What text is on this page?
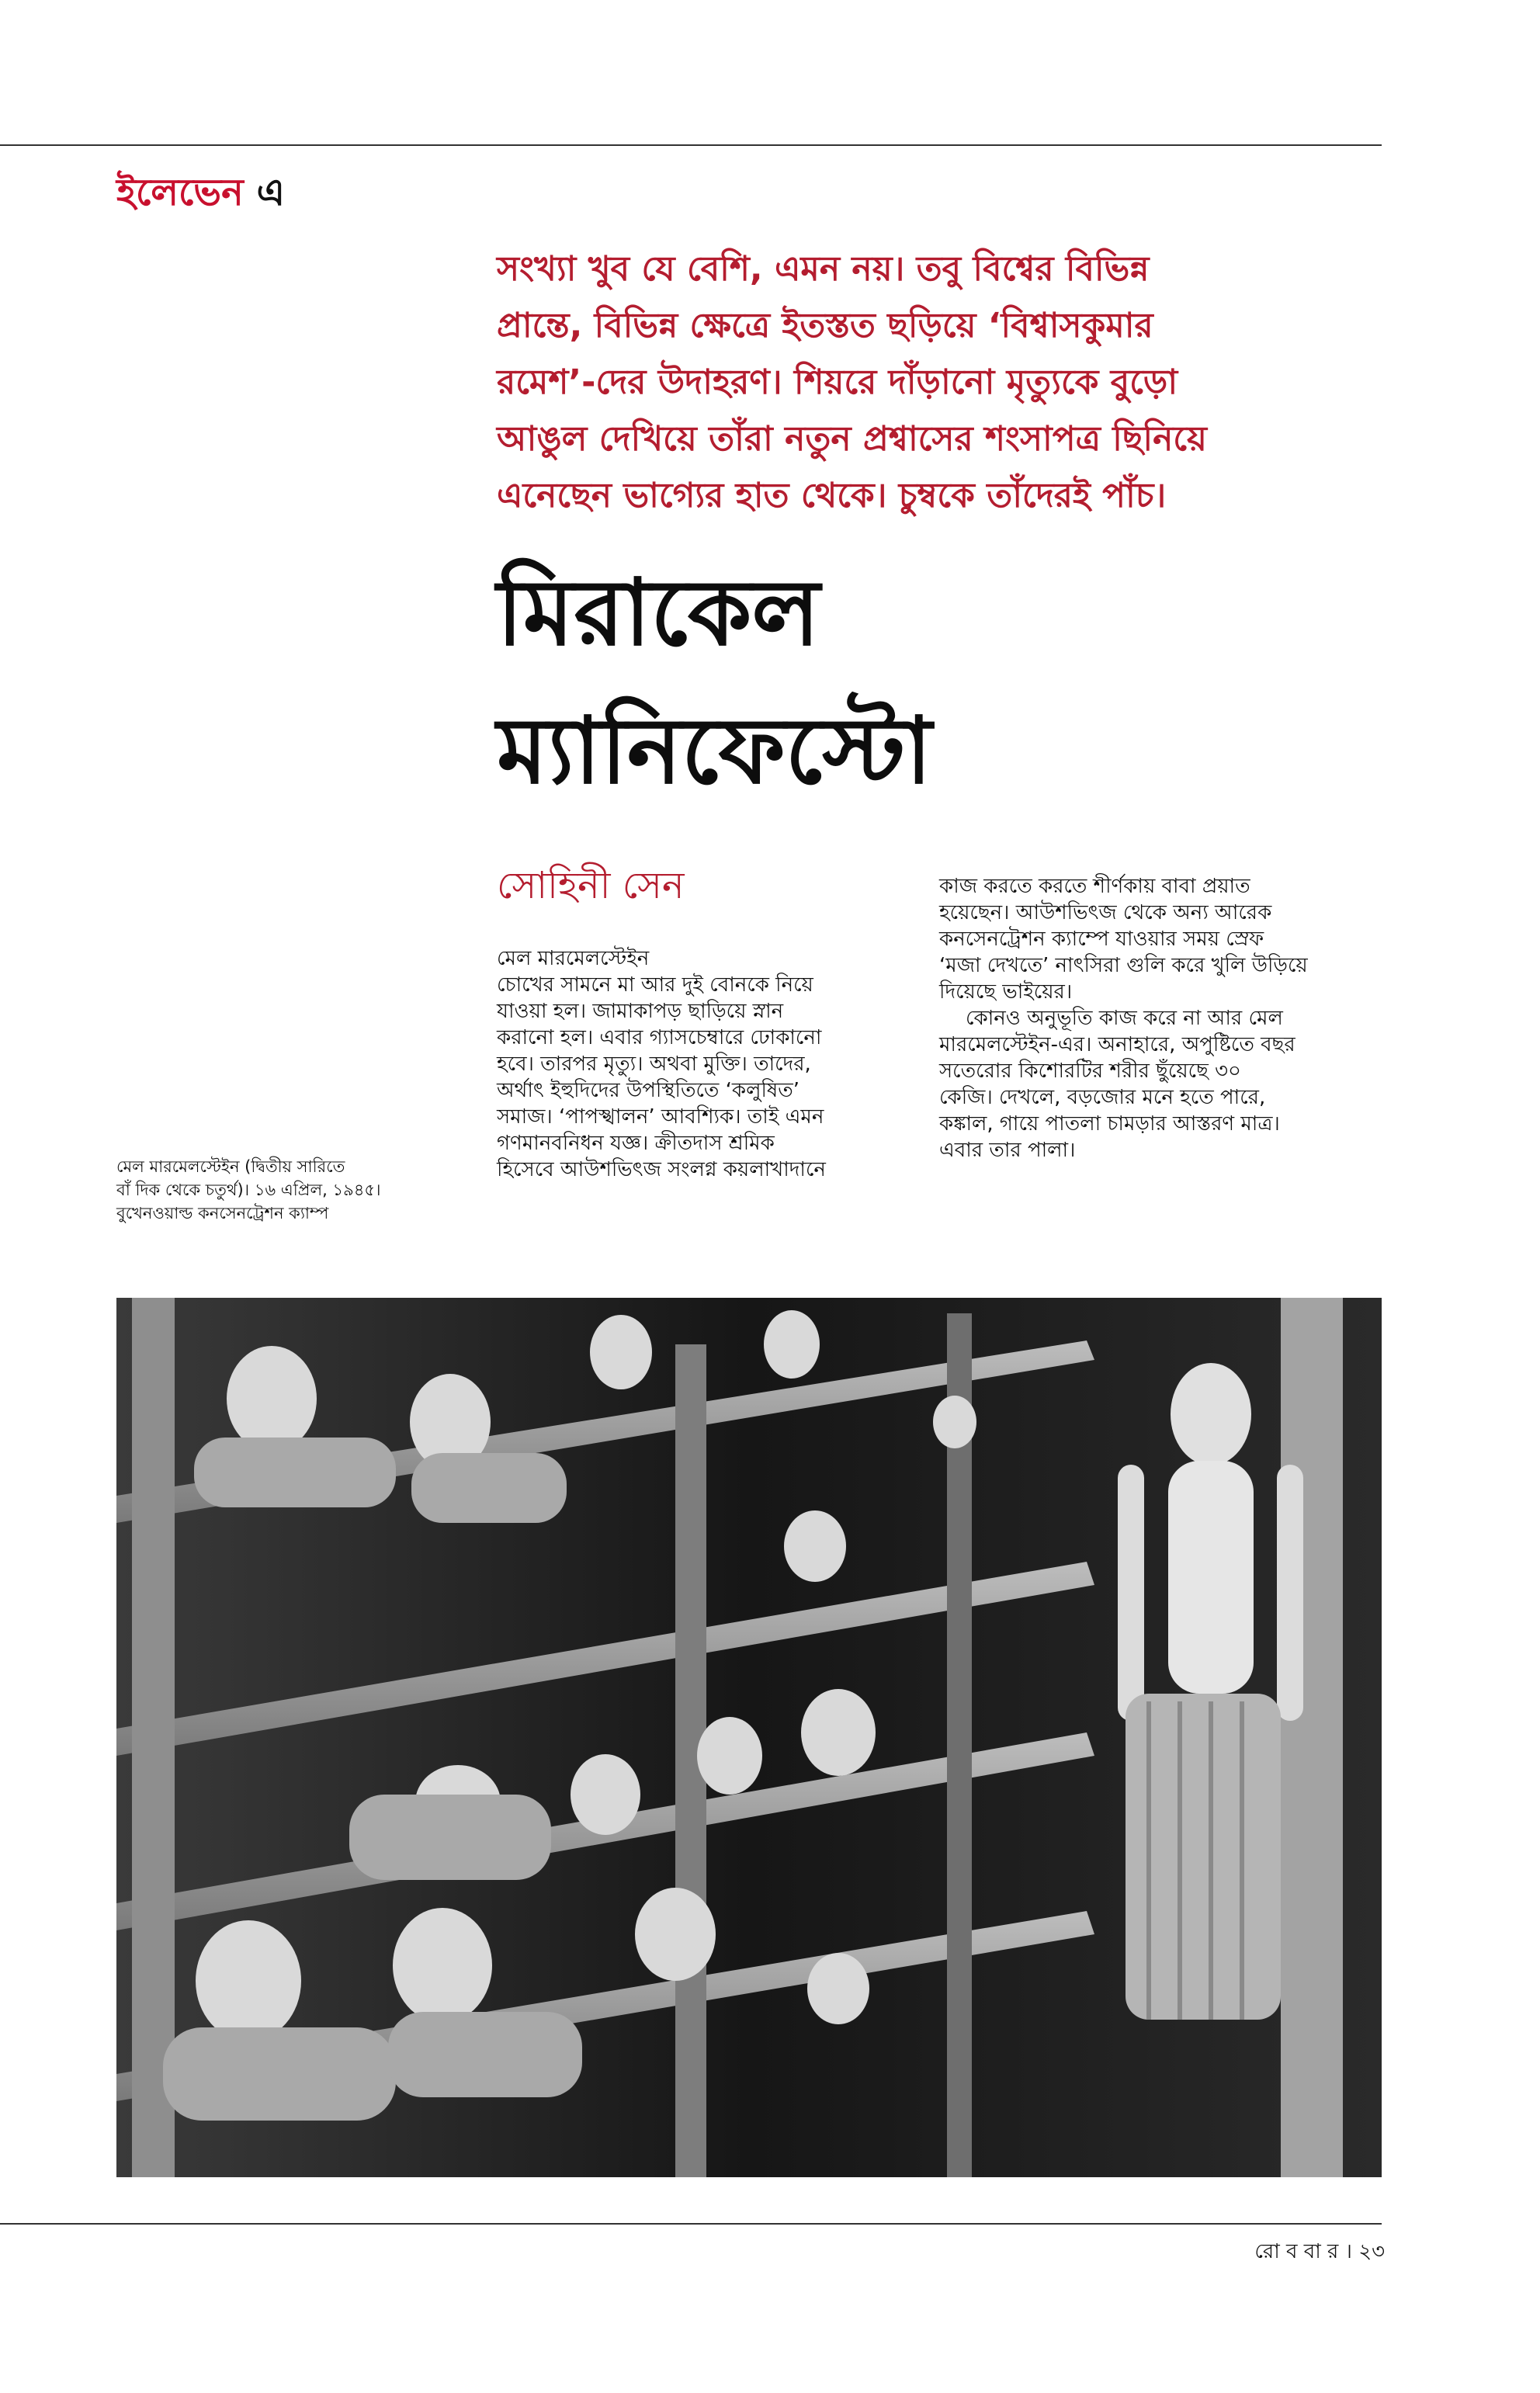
ইলেভেন এ

সংখ্যা খুব যে বেশি, এমন নয়। তবু বিশ্বের বিভিন্ন
প্রান্তে, বিভিন্ন ক্ষেত্রে ইতস্তত ছড়িয়ে ‘বিশ্বাসকুমার
রমেশ’-দের উদাহরণ। শিয়রে দাঁড়ানো মৃত্যুকে বুড়ো
আঙুল দেখিয়ে তাঁরা নতুন প্রশ্বাসের শংসাপত্র ছিনিয়ে
এনেছেন ভাগ্যের হাত থেকে। চুম্বকে তাঁদেরই পাঁচ।

মিরাকেল
ম্যানিফেস্টো
সোহিনী সেন
মেল মারমেলস্টেইন (দ্বিতীয় সারিতে
বাঁ দিক থেকে চতুর্থ)। ১৬ এপ্রিল, ১৯৪৫।
বুখেনওয়াল্ড কনসেনট্রেশন ক্যাম্প
মেল মারমেলস্টেইন
চোখের সামনে মা আর দুই বোনকে নিয়ে
যাওয়া হল। জামাকাপড় ছাড়িয়ে স্নান
করানো হল। এবার গ্যাসচেম্বারে ঢোকানো
হবে। তারপর মৃত্যু। অথবা মুক্তি। তাদের,
অর্থাৎ ইহুদিদের উপস্থিতিতে ‘কলুষিত’
সমাজ। ‘পাপস্খালন’ আবশ্যিক। তাই এমন
গণমানবনিধন যজ্ঞ। ক্রীতদাস শ্রমিক
হিসেবে আউশভিৎজ সংলগ্ন কয়লাখাদানে
কাজ করতে করতে শীর্ণকায় বাবা প্রয়াত
হয়েছেন। আউশভিৎজ থেকে অন্য আরেক
কনসেনট্রেশন ক্যাম্পে যাওয়ার সময় স্রেফ
‘মজা দেখতে’ নাৎসিরা গুলি করে খুলি উড়িয়ে
দিয়েছে ভাইয়ের।
কোনও অনুভূতি কাজ করে না আর মেল
মারমেলস্টেইন-এর। অনাহারে, অপুষ্টিতে বছর
সতেরোর কিশোরটির শরীর ছুঁয়েছে ৩০
কেজি। দেখলে, বড়জোর মনে হতে পারে,
কঙ্কাল, গায়ে পাতলা চামড়ার আস্তরণ মাত্র।
এবার তার পালা।
রো ব বা র । ২৩
